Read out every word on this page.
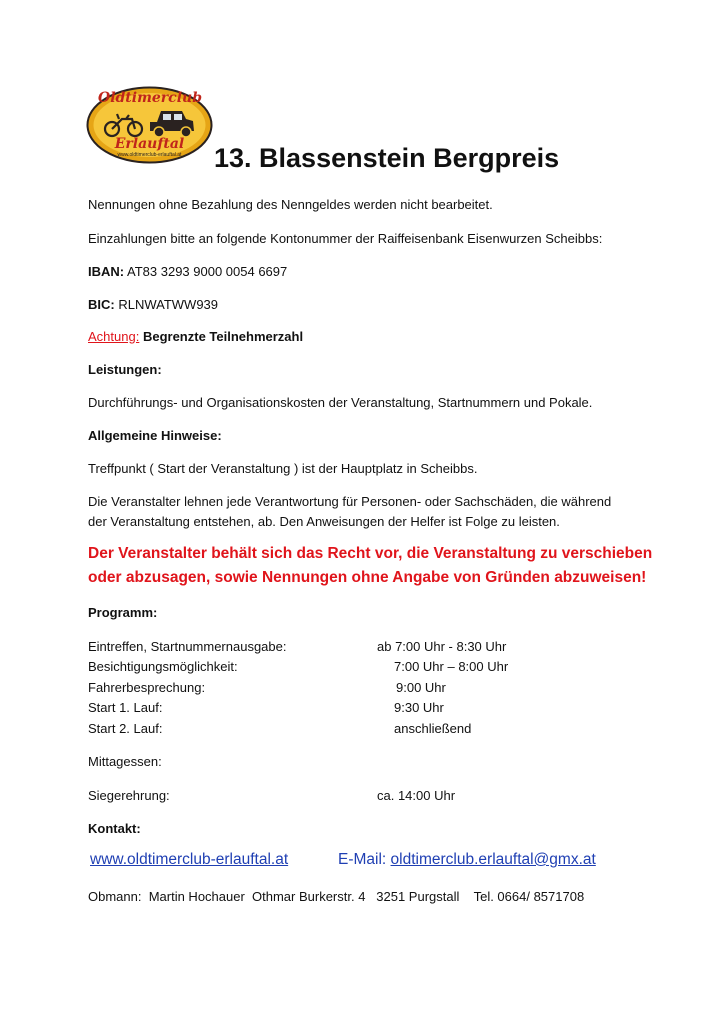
Oldtimerclub
Erlauftal
www.oldtimerclub-erlauftal.at	13. Blassenstein Bergpreis
Nennungen ohne Bezahlung des Nenngeldes werden nicht bearbeitet.
Einzahlungen bitte an folgende Kontonummer der Raiffeisenbank Eisenwurzen Scheibbs:
IBAN: AT83 3293 9000 0054 6697
BIC: RLNWATWW939
Achtung: Begrenzte Teilnehmerzahl
Leistungen:
Durchführungs- und Organisationskosten der Veranstaltung, Startnummern und Pokale.
Allgemeine Hinweise:
Treffpunkt ( Start der Veranstaltung ) ist der Hauptplatz in Scheibbs.
Die Veranstalter lehnen jede Verantwortung für Personen- oder Sachschäden, die während
der Veranstaltung entstehen, ab. Den Anweisungen der Helfer ist Folge zu leisten.
Der Veranstalter behält sich das Recht vor, die Veranstaltung zu verschieben
oder abzusagen, sowie Nennungen ohne Angabe von Gründen abzuweisen!
Programm:
Eintreffen, Startnummernausgabe:	ab 7:00 Uhr - 8:30 Uhr
Besichtigungsmöglichkeit:	7:00 Uhr – 8:00 Uhr
Fahrerbesprechung:	9:00 Uhr
Start 1. Lauf:	9:30 Uhr
Start 2. Lauf:	anschließend
Mittagessen:
Siegerehrung:	ca. 14:00 Uhr
Kontakt:
www.oldtimerclub-erlauftal.at	E-Mail: oldtimerclub.erlauftal@gmx.at
Obmann:  Martin Hochauer  Othmar Burkerstr. 4   3251 Purgstall    Tel. 0664/ 8571708
